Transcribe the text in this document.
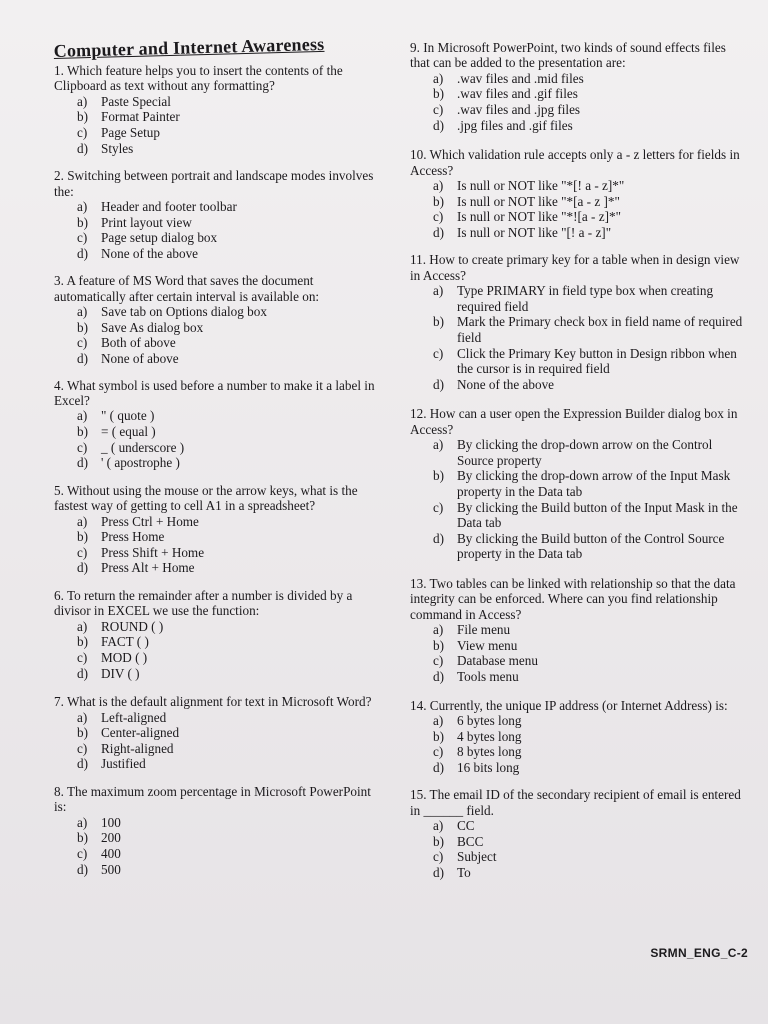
Computer and Internet Awareness
1. Which feature helps you to insert the contents of the Clipboard as text without any formatting?
a)	Paste Special
b) Format Painter
c)	Page Setup
d) Styles
2. Switching between portrait and landscape modes involves the:
a)	Header and footer toolbar
b) Print layout view
c)	Page setup dialog box
d) None of the above
3. A feature of MS Word that saves the document automatically after certain interval is available on:
a)	Save tab on Options dialog box
b) Save As dialog box
c)	Both of above
d) None of above
4. What symbol is used before a number to make it a label in Excel?
a)	" ( quote )
b) = ( equal )
c)	_ ( underscore )
d) ' ( apostrophe )
5. Without using the mouse or the arrow keys, what is the fastest way of getting to cell A1 in a spreadsheet?
a)	Press Ctrl + Home
b) Press Home
c)	Press Shift + Home
d) Press Alt + Home
6. To return the remainder after a number is divided by a divisor in EXCEL we use the function:
a)	ROUND ( )
b) FACT ( )
c)	MOD ( )
d) DIV ( )
7. What is the default alignment for text in Microsoft Word?
a)	Left-aligned
b) Center-aligned
c)	Right-aligned
d) Justified
8. The maximum zoom percentage in Microsoft PowerPoint is:
a)	100
b) 200
c)	400
d) 500
9. In Microsoft PowerPoint, two kinds of sound effects files that can be added to the presentation are:
a)	.wav files and .mid files
b) .wav files and .gif files
c)	.wav files and .jpg files
d) .jpg files and .gif files
10. Which validation rule accepts only a - z letters for fields in Access?
a)	Is null or NOT like "*[! a - z]*"
b) Is null or NOT like "*[a - z ]*"
c)	Is null or NOT like "*![a - z]*"
d) Is null or NOT like "[! a - z]"
11. How to create primary key for a table when in design view in Access?
a)	Type PRIMARY in field type box when creating required field
b) Mark the Primary check box in field name of required field
c)	Click the Primary Key button in Design ribbon when the cursor is in required field
d) None of the above
12. How can a user open the Expression Builder dialog box in Access?
a)	By clicking the drop-down arrow on the Control Source property
b) By clicking the drop-down arrow of the Input Mask property in the Data tab
c)	By clicking the Build button of the Input Mask in the Data tab
d) By clicking the Build button of the Control Source property in the Data tab
13. Two tables can be linked with relationship so that the data integrity can be enforced. Where can you find relationship command in Access?
a)	File menu
b) View menu
c)	Database menu
d) Tools menu
14. Currently, the unique IP address (or Internet Address) is:
a)	6 bytes long
b) 4 bytes long
c)	8 bytes long
d) 16 bits long
15. The email ID of the secondary recipient of email is entered in ______ field.
a)	CC
b) BCC
c)	Subject
d) To
SRMN_ENG_C-2
